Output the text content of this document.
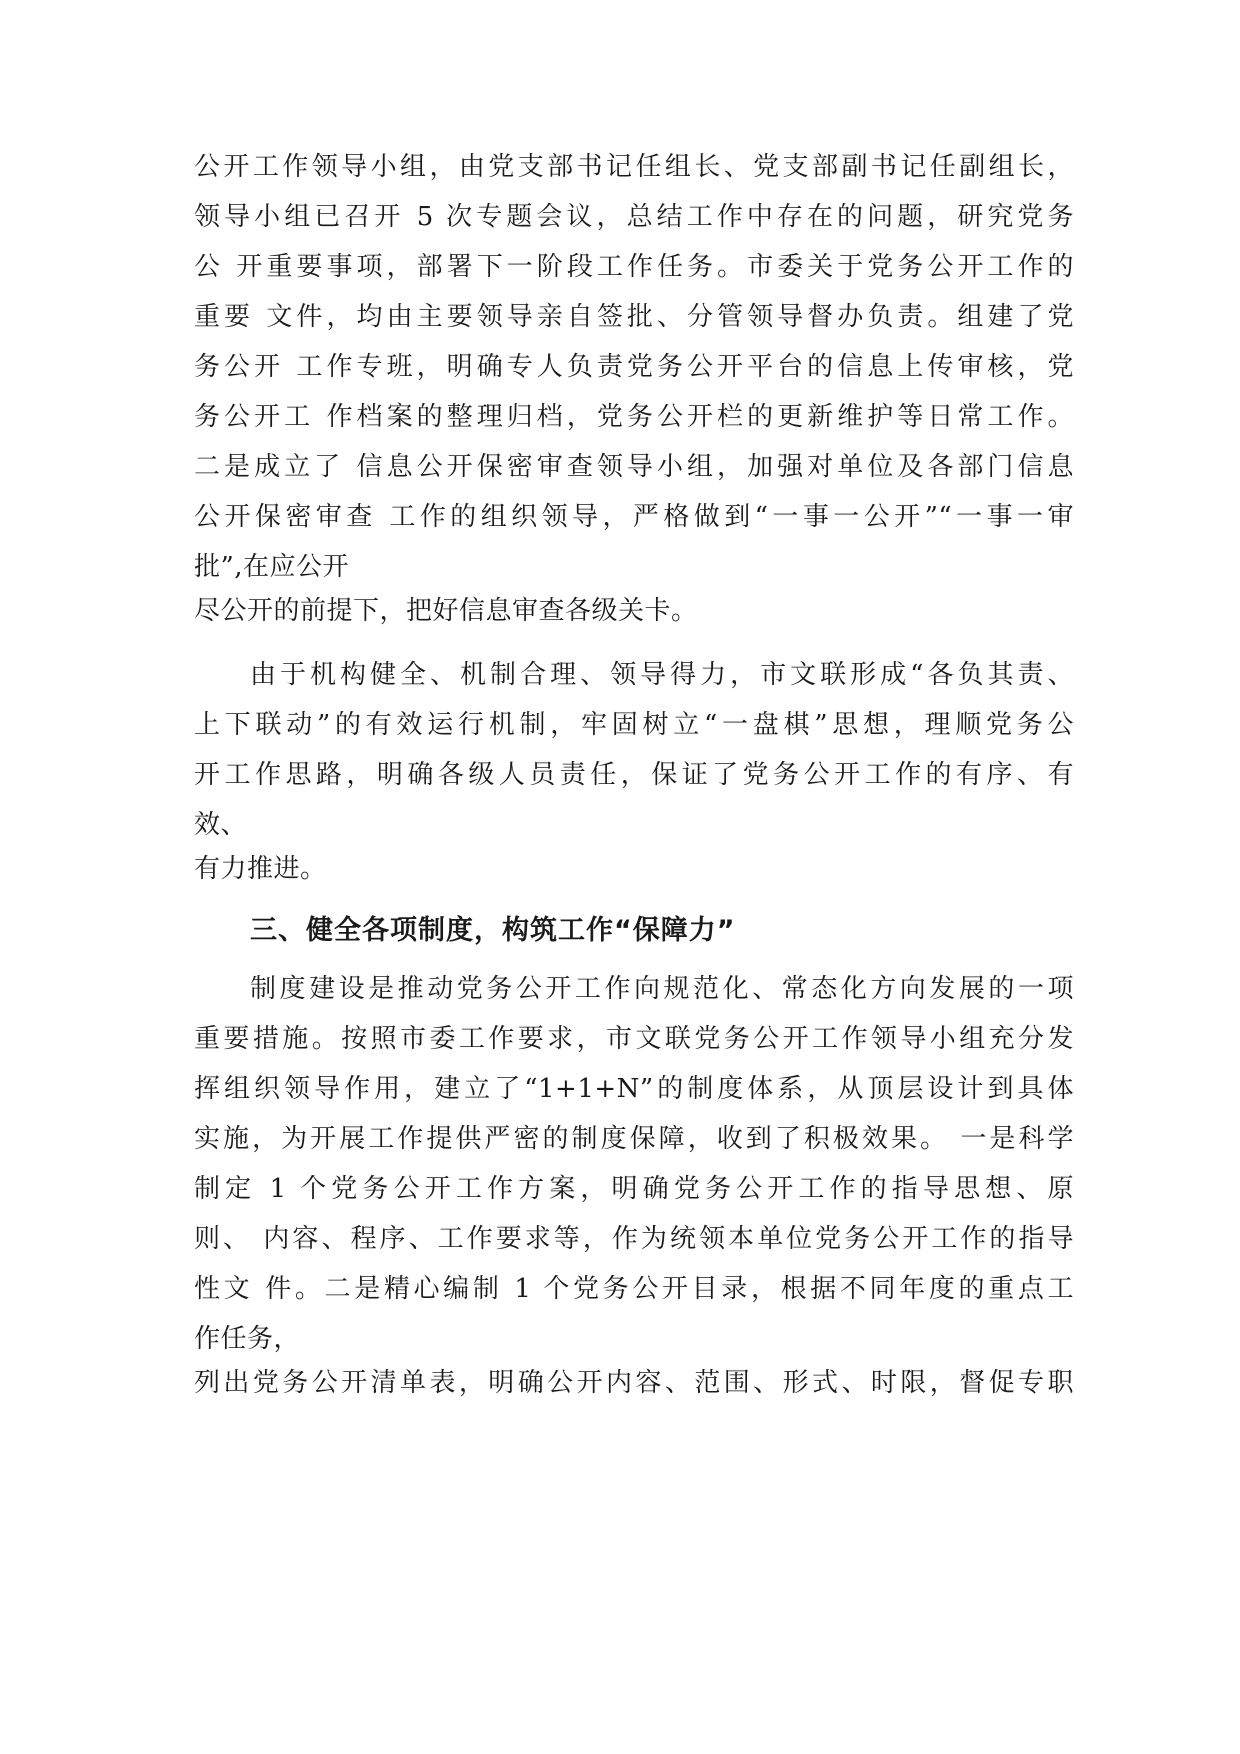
公开工作领导小组，由党支部书记任组长、党支部副书记任副组长，
领导小组已召开 5 次专题会议，总结工作中存在的问题，研究党务
公 开重要事项，部署下一阶段工作任务。市委关于党务公开工作的
重要 文件，均由主要领导亲自签批、分管领导督办负责。组建了党
务公开 工作专班，明确专人负责党务公开平台的信息上传审核，党
务公开工 作档案的整理归档，党务公开栏的更新维护等日常工作。
二是成立了 信息公开保密审查领导小组，加强对单位及各部门信息
公开保密审查 工作的组织领导，严格做到“一事一公开”“一事一审
批”,在应公开
尽公开的前提下，把好信息审查各级关卡。
由于机构健全、机制合理、领导得力，市文联形成“各负其责、
上下联动”的有效运行机制，牢固树立“一盘棋”思想，理顺党务公
开工作思路，明确各级人员责任，保证了党务公开工作的有序、有
效、
有力推进。
三、健全各项制度，构筑工作“保障力”
制度建设是推动党务公开工作向规范化、常态化方向发展的一项
重要措施。按照市委工作要求，市文联党务公开工作领导小组充分发
挥组织领导作用，建立了“1+1+N”的制度体系，从顶层设计到具体
实施，为开展工作提供严密的制度保障，收到了积极效果。 一是科学
制定 1 个党务公开工作方案，明确党务公开工作的指导思想、原
则、 内容、程序、工作要求等，作为统领本单位党务公开工作的指导
性文 件。二是精心编制 1 个党务公开目录，根据不同年度的重点工
作任务，
列出党务公开清单表，明确公开内容、范围、形式、时限，督促专职
